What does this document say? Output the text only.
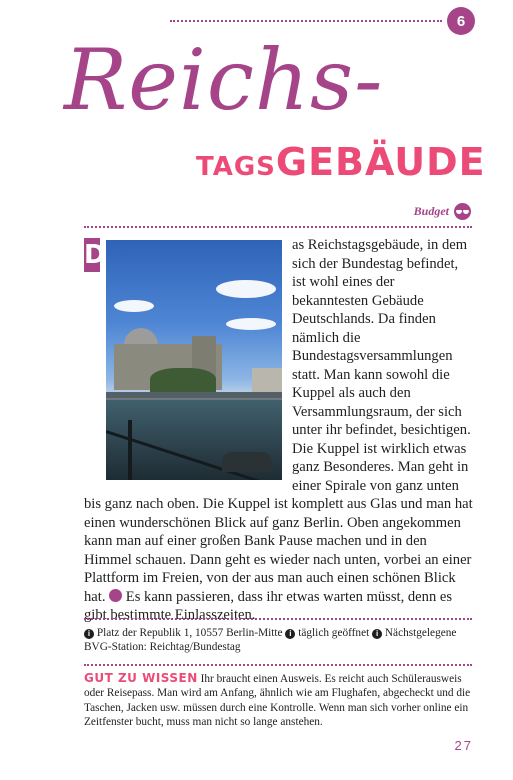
6
Reichs-
TAGSGEBÄUDE
Budget

D	as Reichstagsgebäude, in dem sich der Bundestag befindet, ist wohl eines der bekanntesten Gebäude Deutschlands. Da finden nämlich die Bundestagsversammlungen statt. Man kann sowohl die Kuppel als auch den Versammlungsraum, der sich unter ihr befindet, besichtigen. Die Kuppel ist wirklich etwas ganz Besonderes. Man geht in einer Spirale von ganz unten bis ganz nach oben. Die Kuppel ist komplett aus Glas und man hat einen wunderschönen Blick auf ganz Berlin. Oben angekommen kann man auf einer großen Bank Pause machen und in den Himmel schauen. Dann geht es wieder nach unten, vorbei an einer Plattform im Freien, von der aus man auch einen schönen Blick hat.  Es kann passieren, dass ihr etwas warten müsst, denn es gibt bestimmte Einlasszeiten.

i Platz der Republik 1, 10557 Berlin-Mitte i täglich geöffnet i Nächstgelegene BVG-Station: Reichtag/Bundestag

GUT ZU WISSEN Ihr braucht einen Ausweis. Es reicht auch Schülerausweis oder Reisepass. Man wird am Anfang, ähnlich wie am Flughafen, abgecheckt und die Taschen, Jacken usw. müssen durch eine Kontrolle. Wenn man sich vorher online ein Zeitfenster bucht, muss man nicht so lange anstehen.

27
